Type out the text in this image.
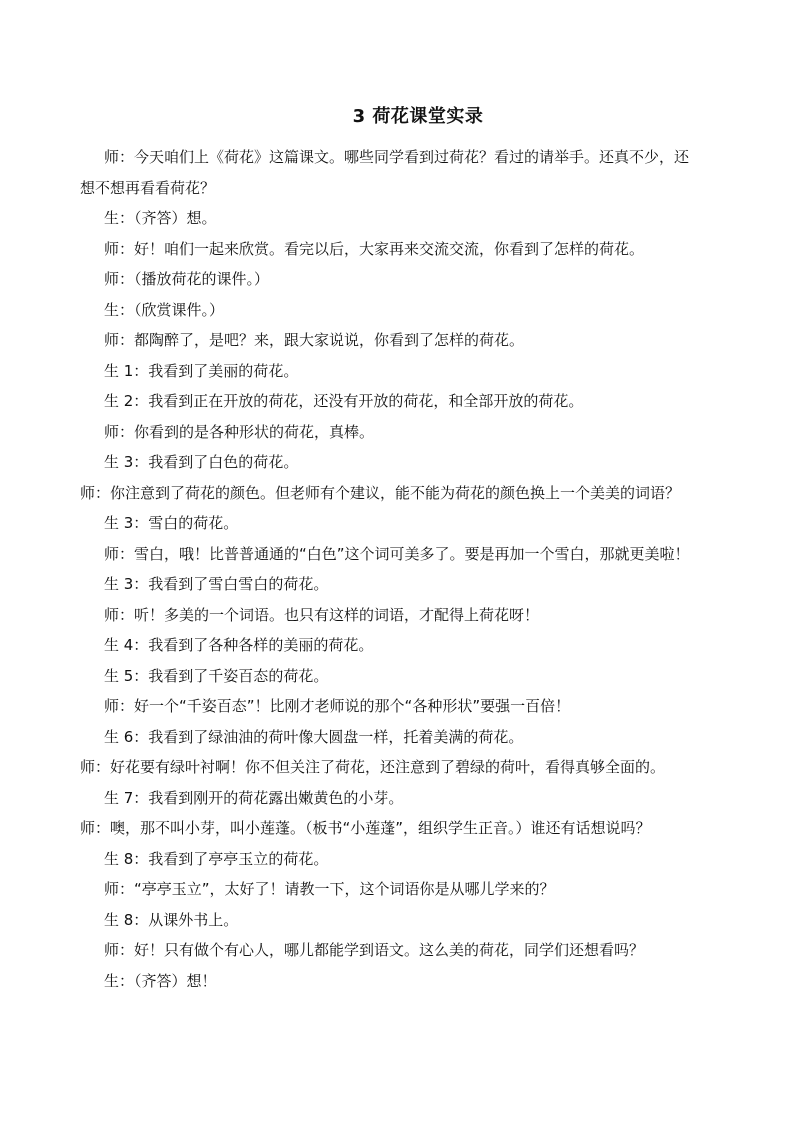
3 荷花课堂实录

师：今天咱们上《荷花》这篇课文。哪些同学看到过荷花？看过的请举手。还真不少，还
想不想再看看荷花？

生：（齐答）想。

师：好！咱们一起来欣赏。看完以后，大家再来交流交流，你看到了怎样的荷花。

师：（播放荷花的课件。）

生：（欣赏课件。）

师：都陶醉了，是吧？来，跟大家说说，你看到了怎样的荷花。

生 1：我看到了美丽的荷花。

生 2：我看到正在开放的荷花，还没有开放的荷花，和全部开放的荷花。

师：你看到的是各种形状的荷花，真棒。

生 3：我看到了白色的荷花。

师：你注意到了荷花的颜色。但老师有个建议，能不能为荷花的颜色换上一个美美的词语？

生 3：雪白的荷花。

师：雪白，哦！比普普通通的“白色”这个词可美多了。要是再加一个雪白，那就更美啦！

生 3：我看到了雪白雪白的荷花。

师：听！多美的一个词语。也只有这样的词语，才配得上荷花呀！

生 4：我看到了各种各样的美丽的荷花。

生 5：我看到了千姿百态的荷花。

师：好一个“千姿百态”！比刚才老师说的那个“各种形状”要强一百倍！

生 6：我看到了绿油油的荷叶像大圆盘一样，托着美满的荷花。

师：好花要有绿叶衬啊！你不但关注了荷花，还注意到了碧绿的荷叶，看得真够全面的。

生 7：我看到刚开的荷花露出嫩黄色的小芽。

师：噢，那不叫小芽，叫小莲蓬。（板书“小莲蓬”，组织学生正音。）谁还有话想说吗？

生 8：我看到了亭亭玉立的荷花。

师：“亭亭玉立”，太好了！请教一下，这个词语你是从哪儿学来的？

生 8：从课外书上。

师：好！只有做个有心人，哪儿都能学到语文。这么美的荷花，同学们还想看吗？

生：（齐答）想！
